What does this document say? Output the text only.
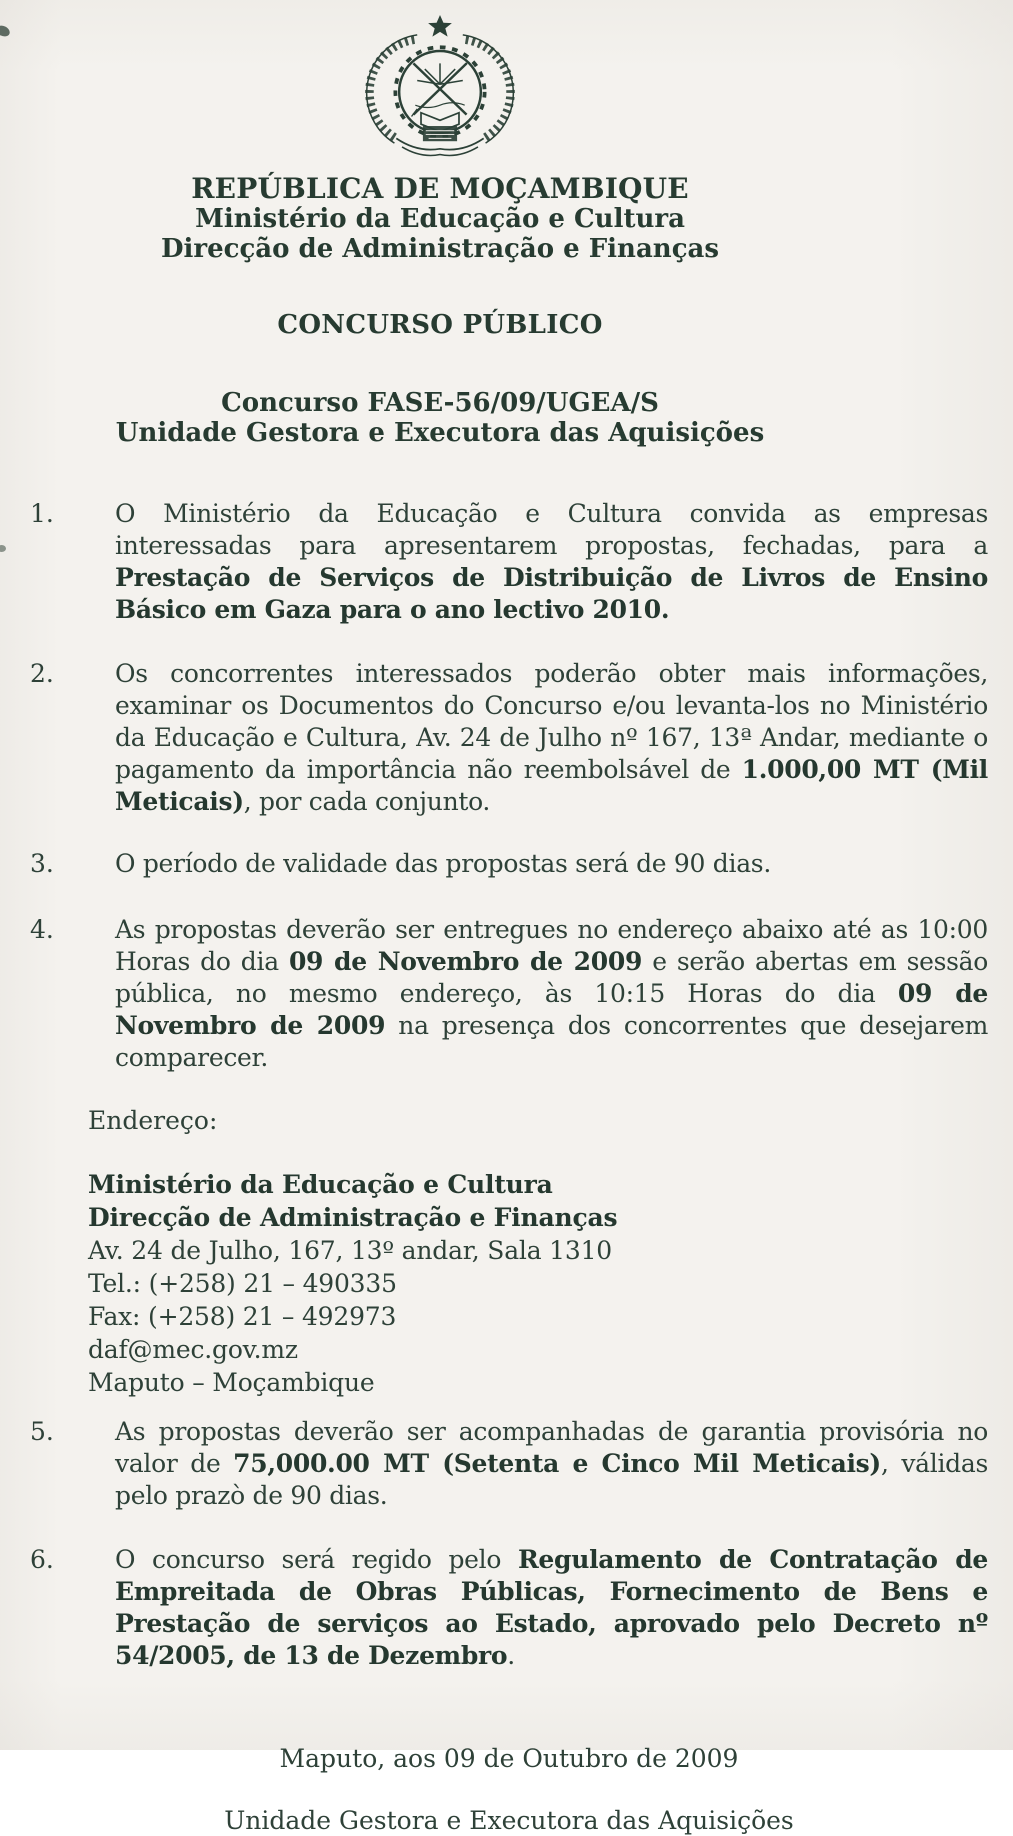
REPÚBLICA DE MOÇAMBIQUE
Ministério da Educação e Cultura
Direcção de Administração e Finanças
CONCURSO PÚBLICO
Concurso FASE-56/09/UGEA/S
Unidade Gestora e Executora das Aquisições
1.	O Ministério da Educação e Cultura convida as empresas interessadas para apresentarem propostas, fechadas, para a Prestação de Serviços de Distribuição de Livros de Ensino Básico em Gaza para o ano lectivo 2010.
2.	Os concorrentes interessados poderão obter mais informações, examinar os Documentos do Concurso e/ou levanta-los no Ministério da Educação e Cultura, Av. 24 de Julho nº 167, 13ª Andar, mediante o pagamento da importância não reembolsável de 1.000,00 MT (Mil Meticais), por cada conjunto.
3.	O período de validade das propostas será de 90 dias.
4.	As propostas deverão ser entregues no endereço abaixo até as 10:00 Horas do dia 09 de Novembro de 2009 e serão abertas em sessão pública, no mesmo endereço, às 10:15 Horas do dia 09 de Novembro de 2009 na presença dos concorrentes que desejarem comparecer.
Endereço:
Ministério da Educação e Cultura
Direcção de Administração e Finanças
Av. 24 de Julho, 167, 13º andar, Sala 1310
Tel.: (+258) 21 – 490335
Fax: (+258) 21 – 492973
daf@mec.gov.mz
Maputo – Moçambique
5.	As propostas deverão ser acompanhadas de garantia provisória no valor de 75,000.00 MT (Setenta e Cinco Mil Meticais), válidas pelo prazò de 90 dias.
6.	O concurso será regido pelo Regulamento de Contratação de Empreitada de Obras Públicas, Fornecimento de Bens e Prestação de serviços ao Estado, aprovado pelo Decreto nº 54/2005, de 13 de Dezembro.
Maputo, aos 09 de Outubro de 2009
Unidade Gestora e Executora das Aquisições
